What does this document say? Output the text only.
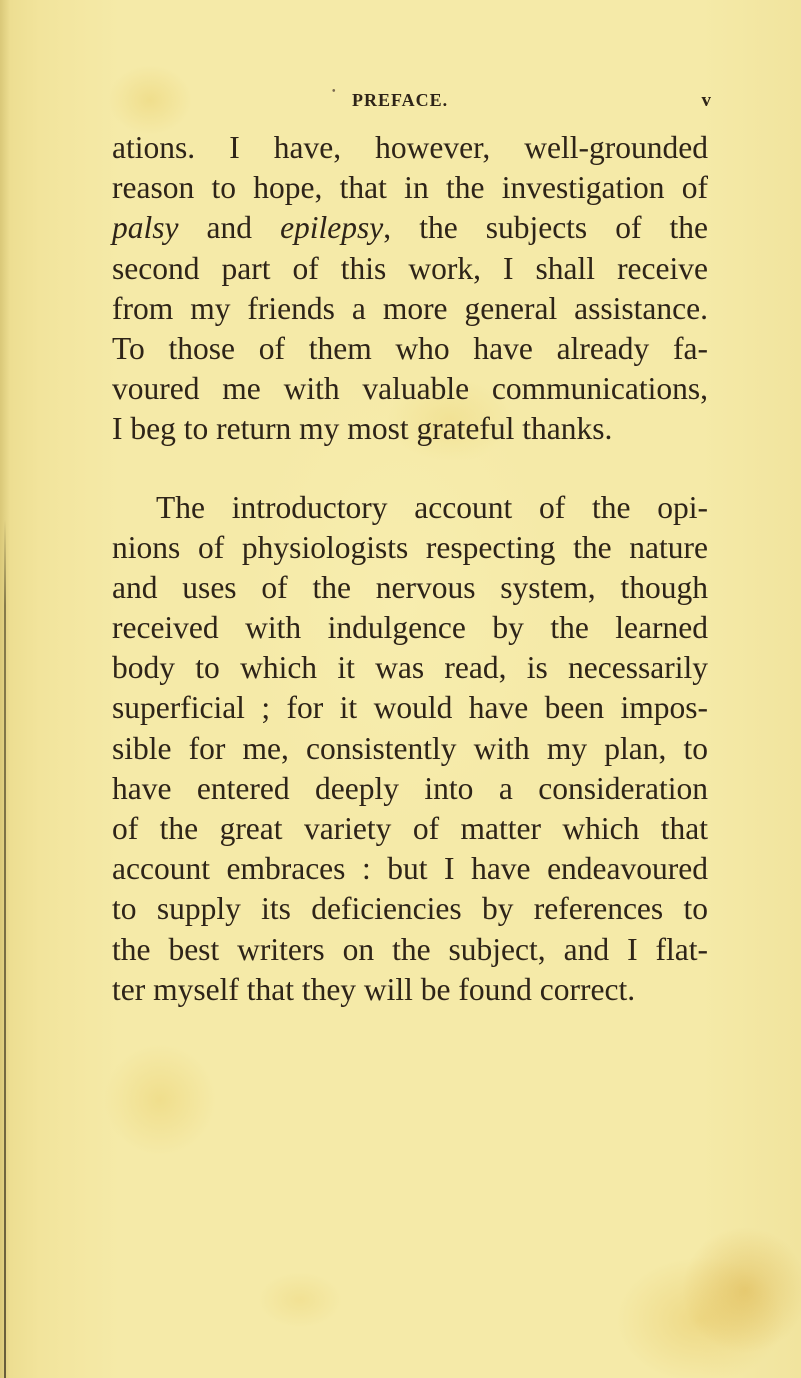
• PREFACE.	v
ations. I have, however, well-grounded
reason to hope, that in the investigation of
palsy and epilepsy, the subjects of the
second part of this work, I shall receive
from my friends a more general assistance.
To those of them who have already fa-
voured me with valuable communications,
I beg to return my most grateful thanks.
The introductory account of the opi-
nions of physiologists respecting the nature
and uses of the nervous system, though
received with indulgence by the learned
body to which it was read, is necessarily
superficial ; for it would have been impos-
sible for me, consistently with my plan, to
have entered deeply into a consideration
of the great variety of matter which that
account embraces : but I have endeavoured
to supply its deficiencies by references to
the best writers on the subject, and I flat-
ter myself that they will be found correct.
